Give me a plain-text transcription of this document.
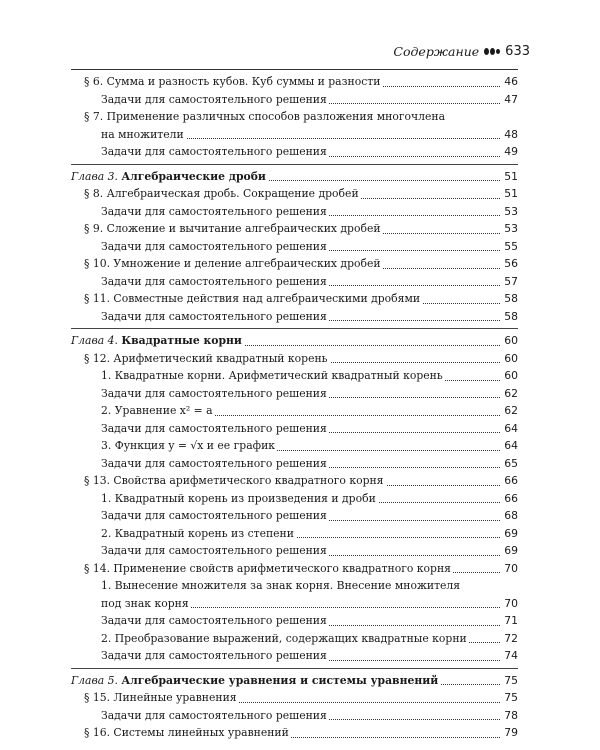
Содержание 633
§ 6. Сумма и разность кубов. Куб суммы и разности	46
Задачи для самостоятельного решения	47
§ 7. Применение различных способов разложения многочлена
на множители	48
Задачи для самостоятельного решения	49
Глава 3. Алгебраические дроби	51
§ 8. Алгебраическая дробь. Сокращение дробей	51
Задачи для самостоятельного решения	53
§ 9. Сложение и вычитание алгебраических дробей	53
Задачи для самостоятельного решения	55
§ 10. Умножение и деление алгебраических дробей	56
Задачи для самостоятельного решения	57
§ 11. Совместные действия над алгебраическими дробями	58
Задачи для самостоятельного решения	58
Глава 4. Квадратные корни	60
§ 12. Арифметический квадратный корень	60
1. Квадратные корни. Арифметический квадратный корень	60
Задачи для самостоятельного решения	62
2. Уравнение x² = a	62
Задачи для самостоятельного решения	64
3. Функция y = √x и ее график	64
Задачи для самостоятельного решения	65
§ 13. Свойства арифметического квадратного корня	66
1. Квадратный корень из произведения и дроби	66
Задачи для самостоятельного решения	68
2. Квадратный корень из степени	69
Задачи для самостоятельного решения	69
§ 14. Применение свойств арифметического квадратного корня	70
1. Вынесение множителя за знак корня. Внесение множителя
под знак корня	70
Задачи для самостоятельного решения	71
2. Преобразование выражений, содержащих квадратные корни	72
Задачи для самостоятельного решения	74
Глава 5. Алгебраические уравнения и системы уравнений	75
§ 15. Линейные уравнения	75
Задачи для самостоятельного решения	78
§ 16. Системы линейных уравнений	79
